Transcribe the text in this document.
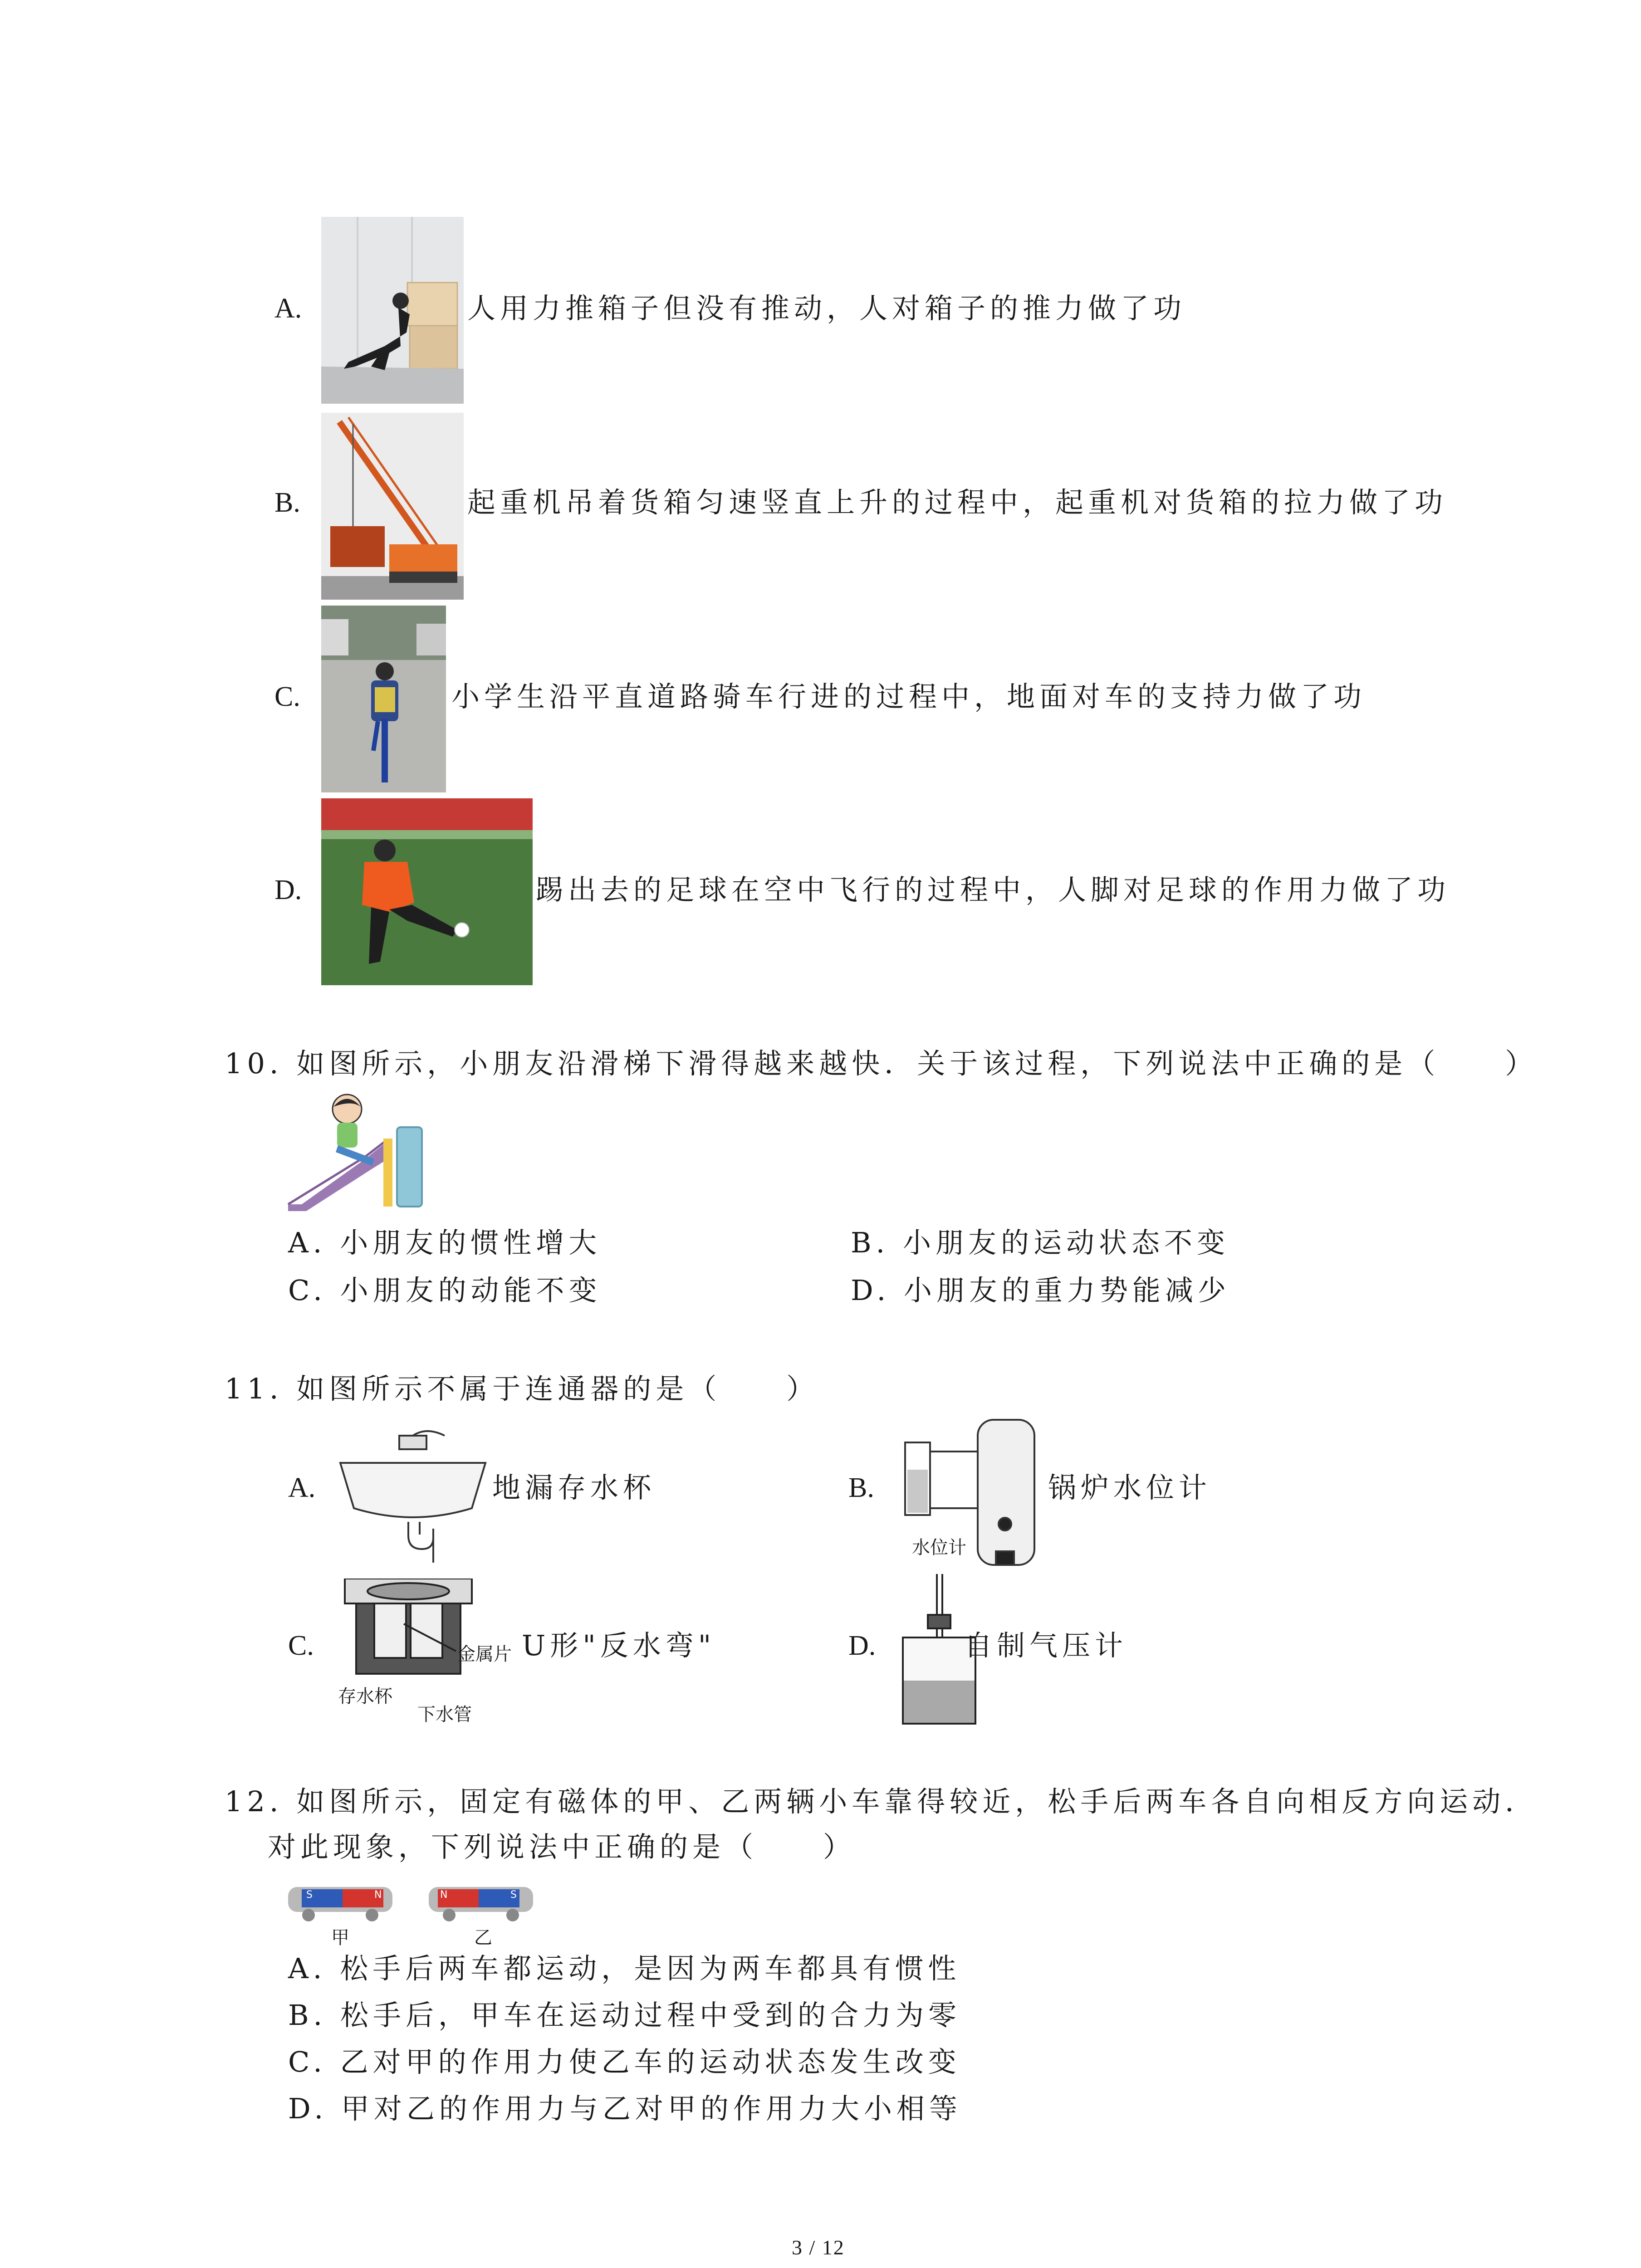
A.	人用力推箱子但没有推动，人对箱子的推力做了功
B.	起重机吊着货箱匀速竖直上升的过程中，起重机对货箱的拉力做了功
C.	小学生沿平直道路骑车行进的过程中，地面对车的支持力做了功
D.	踢出去的足球在空中飞行的过程中，人脚对足球的作用力做了功
10. 如图所示，小朋友沿滑梯下滑得越来越快．关于该过程，下列说法中正确的是（　　）
A. 小朋友的惯性增大	B. 小朋友的运动状态不变
C. 小朋友的动能不变	D. 小朋友的重力势能减少
11. 如图所示不属于连通器的是（　　）
A.	地漏存水杯	B.
水位计
锅炉水位计
C.	金属片
存水杯
下水管
U形"反水弯"	D.	自制气压计
12. 如图所示，固定有磁体的甲、乙两辆小车靠得较近，松手后两车各自向相反方向运动．
对此现象，下列说法中正确的是（　　）
S	N	N	S
甲	乙
A. 松手后两车都运动，是因为两车都具有惯性
B. 松手后，甲车在运动过程中受到的合力为零
C. 乙对甲的作用力使乙车的运动状态发生改变
D. 甲对乙的作用力与乙对甲的作用力大小相等
3 / 12
